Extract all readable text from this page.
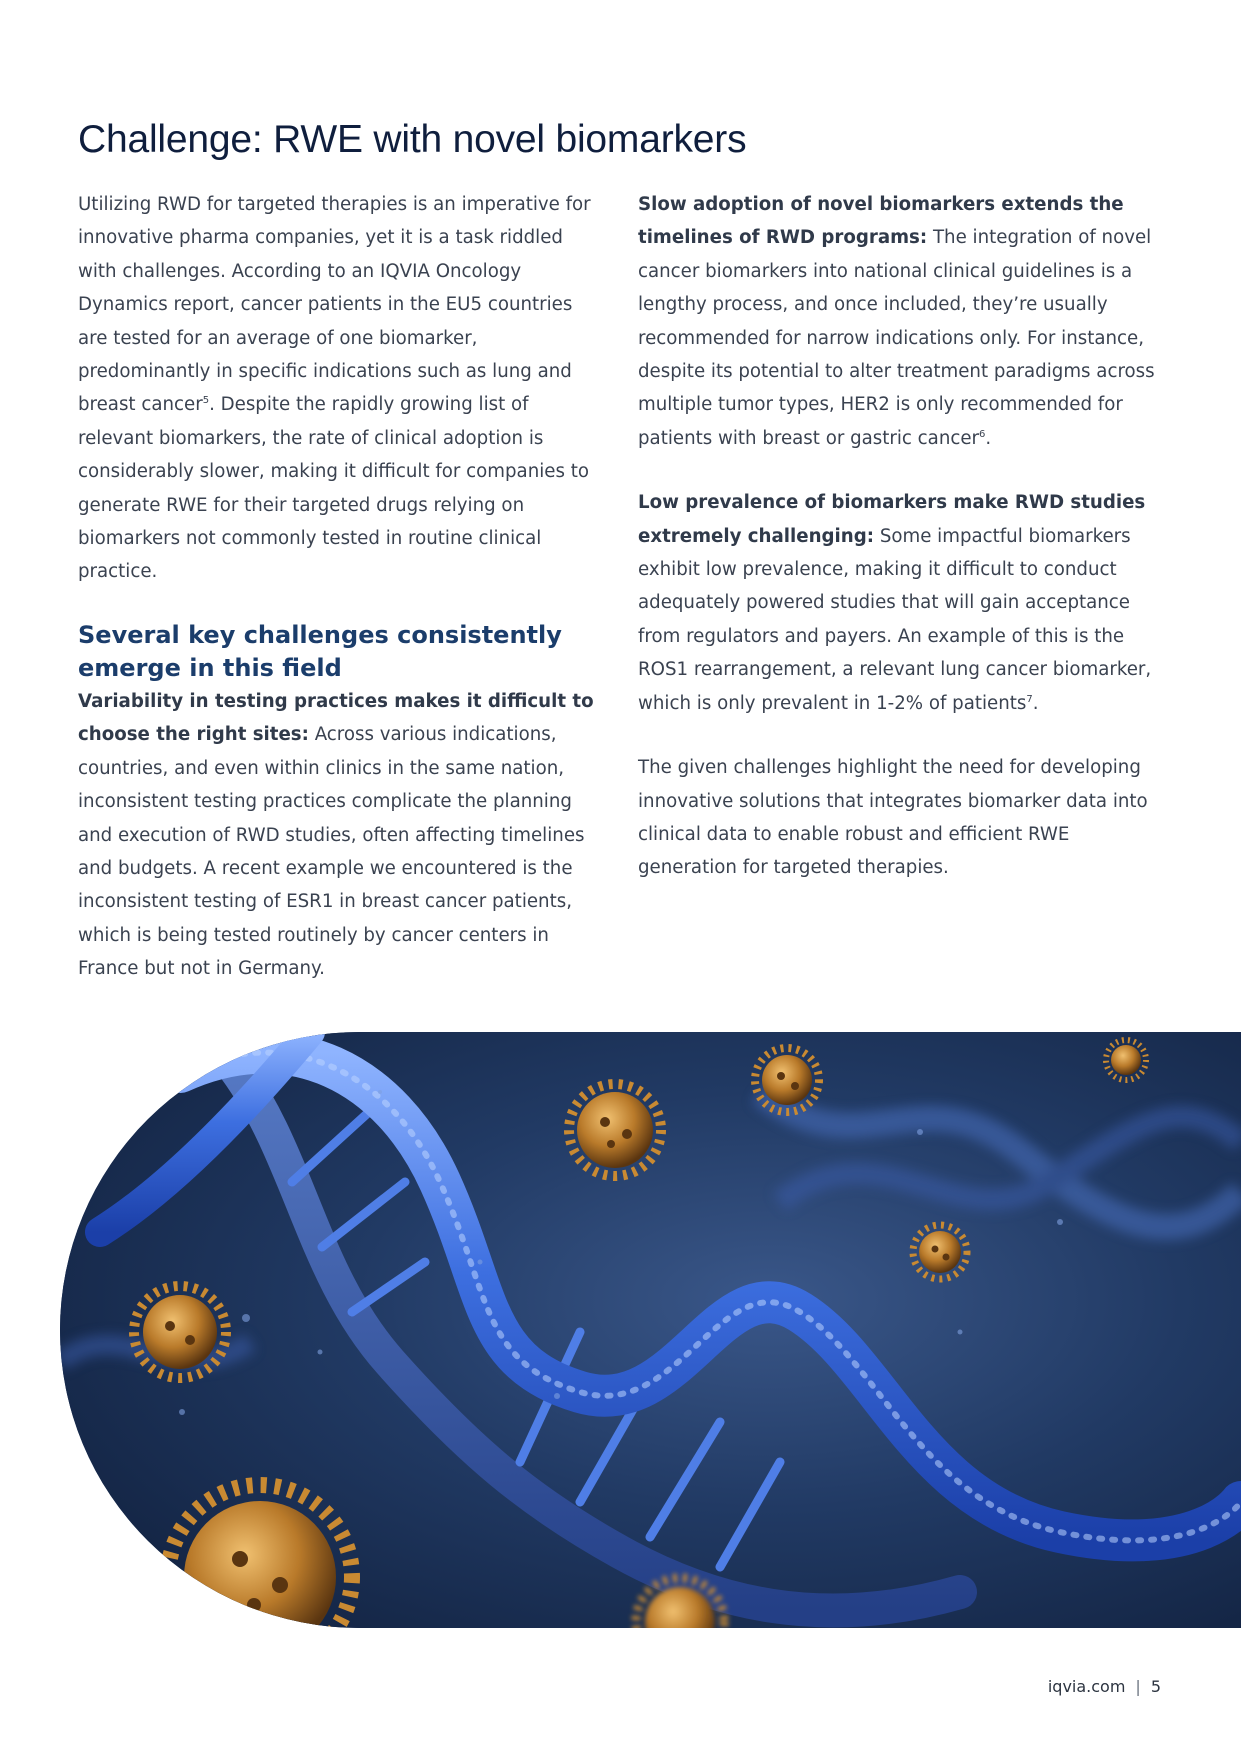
Challenge: RWE with novel biomarkers

Utilizing RWD for targeted therapies is an imperative for innovative pharma companies, yet it is a task riddled with challenges. According to an IQVIA Oncology Dynamics report, cancer patients in the EU5 countries are tested for an average of one biomarker, predominantly in specific indications such as lung and breast cancer$^5$. Despite the rapidly growing list of relevant biomarkers, the rate of clinical adoption is considerably slower, making it difficult for companies to generate RWE for their targeted drugs relying on biomarkers not commonly tested in routine clinical practice.

Several key challenges consistently emerge in this field

Variability in testing practices makes it difficult to choose the right sites: Across various indications, countries, and even within clinics in the same nation, inconsistent testing practices complicate the planning and execution of RWD studies, often affecting timelines and budgets. A recent example we encountered is the inconsistent testing of ESR1 in breast cancer patients, which is being tested routinely by cancer centers in France but not in Germany.

Slow adoption of novel biomarkers extends the timelines of RWD programs: The integration of novel cancer biomarkers into national clinical guidelines is a lengthy process, and once included, they’re usually recommended for narrow indications only. For instance, despite its potential to alter treatment paradigms across multiple tumor types, HER2 is only recommended for patients with breast or gastric cancer$^6$.

Low prevalence of biomarkers make RWD studies extremely challenging: Some impactful biomarkers exhibit low prevalence, making it difficult to conduct adequately powered studies that will gain acceptance from regulators and payers. An example of this is the ROS1 rearrangement, a relevant lung cancer biomarker, which is only prevalent in 1-2% of patients$^7$.

The given challenges highlight the need for developing innovative solutions that integrates biomarker data into clinical data to enable robust and efficient RWE generation for targeted therapies.

iqvia.com | 5
